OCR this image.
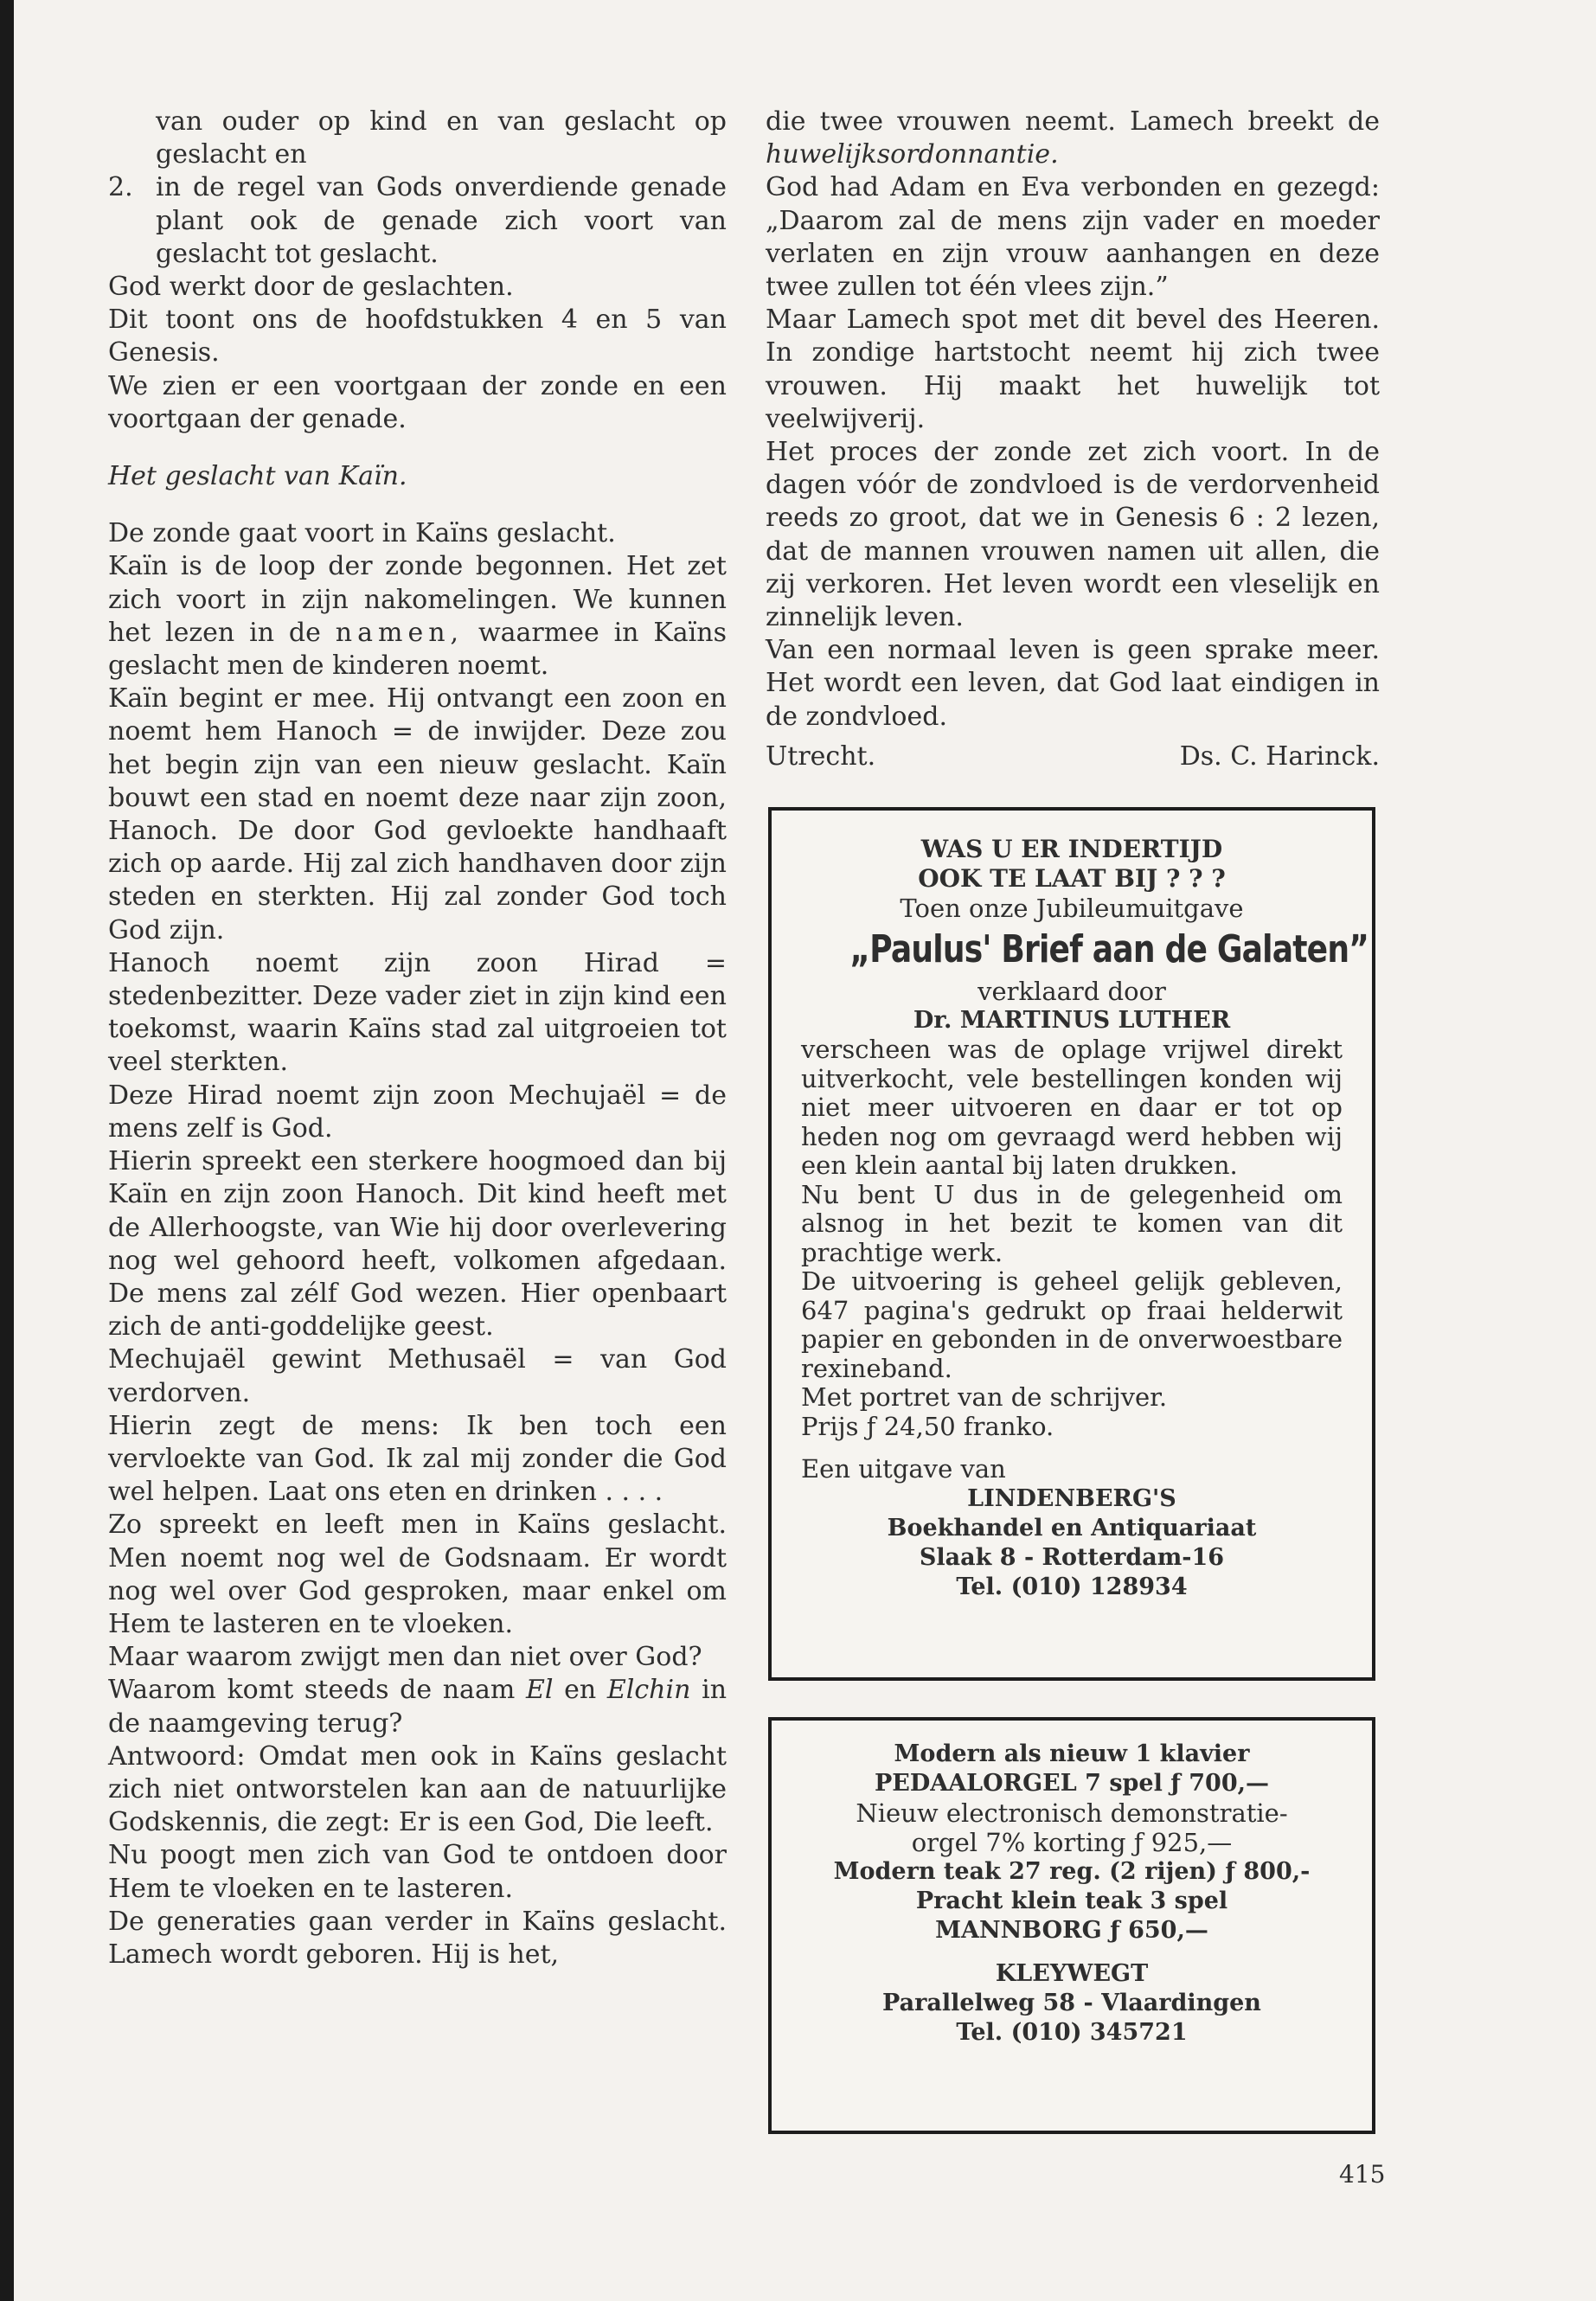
van ouder op kind en van geslacht op geslacht en

2. in de regel van Gods onverdiende genade plant ook de genade zich voort van geslacht tot geslacht.

God werkt door de geslachten.

Dit toont ons de hoofdstukken 4 en 5 van Genesis.

We zien er een voortgaan der zonde en een voortgaan der genade.

Het geslacht van Kaïn.

De zonde gaat voort in Kaïns geslacht.

Kaïn is de loop der zonde begonnen. Het zet zich voort in zijn nakomelingen. We kunnen het lezen in de namen, waarmee in Kaïns geslacht men de kinderen noemt.

Kaïn begint er mee. Hij ontvangt een zoon en noemt hem Hanoch = de inwijder. Deze zou het begin zijn van een nieuw geslacht. Kaïn bouwt een stad en noemt deze naar zijn zoon, Hanoch. De door God gevloekte handhaaft zich op aarde. Hij zal zich handhaven door zijn steden en sterkten. Hij zal zonder God toch God zijn.

Hanoch noemt zijn zoon Hirad = stedenbezitter. Deze vader ziet in zijn kind een toekomst, waarin Kaïns stad zal uitgroeien tot veel sterkten.

Deze Hirad noemt zijn zoon Mechujaël = de mens zelf is God.

Hierin spreekt een sterkere hoogmoed dan bij Kaïn en zijn zoon Hanoch. Dit kind heeft met de Allerhoogste, van Wie hij door overlevering nog wel gehoord heeft, volkomen afgedaan. De mens zal zélf God wezen. Hier openbaart zich de anti-goddelijke geest.

Mechujaël gewint Methusaël = van God verdorven.

Hierin zegt de mens: Ik ben toch een vervloekte van God. Ik zal mij zonder die God wel helpen. Laat ons eten en drinken . . . .

Zo spreekt en leeft men in Kaïns geslacht. Men noemt nog wel de Godsnaam. Er wordt nog wel over God gesproken, maar enkel om Hem te lasteren en te vloeken.

Maar waarom zwijgt men dan niet over God?

Waarom komt steeds de naam El en Elchin in de naamgeving terug?

Antwoord: Omdat men ook in Kaïns geslacht zich niet ontworstelen kan aan de natuurlijke Godskennis, die zegt: Er is een God, Die leeft.

Nu poogt men zich van God te ontdoen door Hem te vloeken en te lasteren.

De generaties gaan verder in Kaïns geslacht. Lamech wordt geboren. Hij is het,

die twee vrouwen neemt. Lamech breekt de huwelijksordonnantie.

God had Adam en Eva verbonden en gezegd: „Daarom zal de mens zijn vader en moeder verlaten en zijn vrouw aanhangen en deze twee zullen tot één vlees zijn.”

Maar Lamech spot met dit bevel des Heeren. In zondige hartstocht neemt hij zich twee vrouwen. Hij maakt het huwelijk tot veelwijverij.

Het proces der zonde zet zich voort. In de dagen vóór de zondvloed is de verdorvenheid reeds zo groot, dat we in Genesis 6 : 2 lezen, dat de mannen vrouwen namen uit allen, die zij verkoren. Het leven wordt een vleselijk en zinnelijk leven.

Van een normaal leven is geen sprake meer. Het wordt een leven, dat God laat eindigen in de zondvloed.

Utrecht.	Ds. C. Harinck.

WAS U ER INDERTIJD

OOK TE LAAT BIJ ? ? ?

Toen onze Jubileumuitgave

„Paulus' Brief aan de Galaten”

verklaard door

Dr. MARTINUS LUTHER

verscheen was de oplage vrijwel direkt uitverkocht, vele bestellingen konden wij niet meer uitvoeren en daar er tot op heden nog om gevraagd werd hebben wij een klein aantal bij laten drukken.

Nu bent U dus in de gelegenheid om alsnog in het bezit te komen van dit prachtige werk.

De uitvoering is geheel gelijk gebleven, 647 pagina's gedrukt op fraai helderwit papier en gebonden in de onverwoestbare rexineband.

Met portret van de schrijver.

Prijs ƒ 24,50 franko.

Een uitgave van

LINDENBERG'S

Boekhandel en Antiquariaat

Slaak 8 - Rotterdam-16

Tel. (010) 128934

Modern als nieuw 1 klavier

PEDAALORGEL 7 spel ƒ 700,—

Nieuw electronisch demonstratie-

orgel 7% korting ƒ 925,—

Modern teak 27 reg. (2 rijen) ƒ 800,-

Pracht klein teak 3 spel

MANNBORG ƒ 650,—

KLEYWEGT

Parallelweg 58 - Vlaardingen

Tel. (010) 345721

415
